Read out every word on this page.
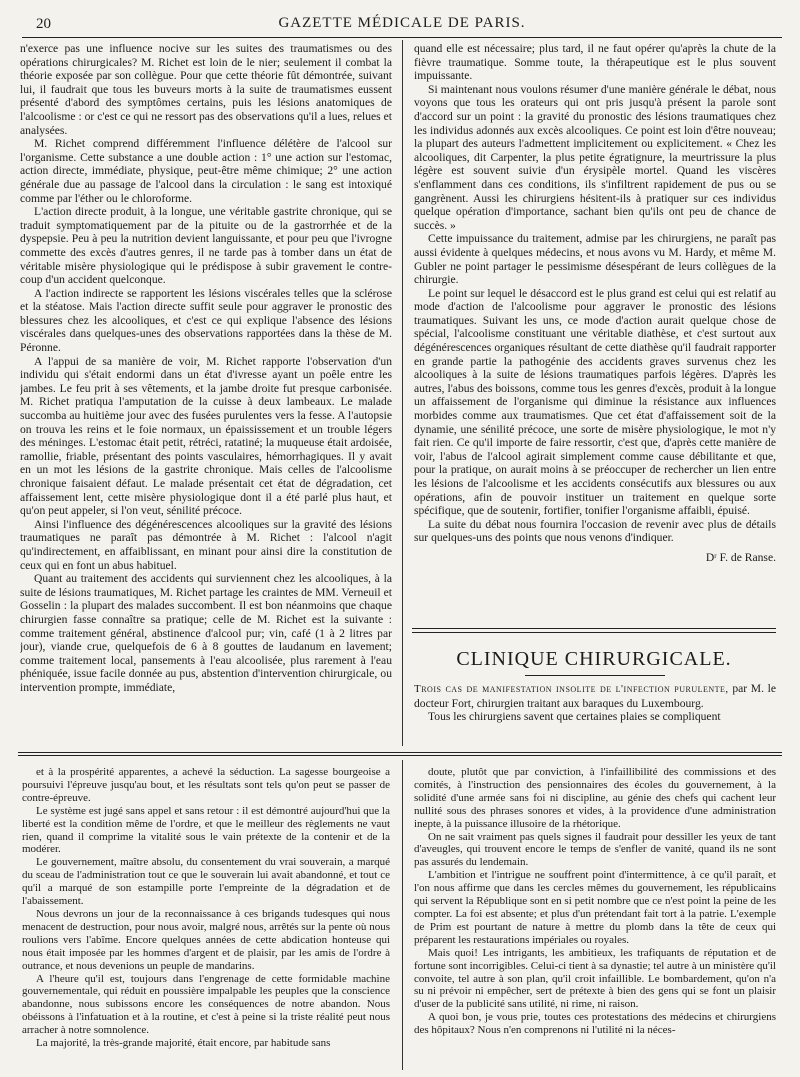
20	GAZETTE MÉDICALE DE PARIS.

n'exerce pas une influence nocive sur les suites des traumatismes ou des opérations chirurgicales? M. Richet est loin de le nier; seulement il combat la théorie exposée par son collègue. Pour que cette théorie fût démontrée, suivant lui, il faudrait que tous les buveurs morts à la suite de traumatismes eussent présenté d'abord des symptômes certains, puis les lésions anatomiques de l'alcoolisme : or c'est ce qui ne ressort pas des observations qu'il a lues, relues et analysées.

M. Richet comprend différemment l'influence délétère de l'alcool sur l'organisme. Cette substance a une double action : 1° une action sur l'estomac, action directe, immédiate, physique, peut-être même chimique; 2° une action générale due au passage de l'alcool dans la circulation : le sang est intoxiqué comme par l'éther ou le chloroforme.

L'action directe produit, à la longue, une véritable gastrite chronique, qui se traduit symptomatiquement par de la pituite ou de la gastrorrhée et de la dyspepsie. Peu à peu la nutrition devient languissante, et pour peu que l'ivrogne commette des excès d'autres genres, il ne tarde pas à tomber dans un état de véritable misère physiologique qui le prédispose à subir gravement le contre-coup d'un accident quelconque.

A l'action indirecte se rapportent les lésions viscérales telles que la sclérose et la stéatose. Mais l'action directe suffit seule pour aggraver le pronostic des blessures chez les alcooliques, et c'est ce qui explique l'absence des lésions viscérales dans quelques-unes des observations rapportées dans la thèse de M. Péronne.

A l'appui de sa manière de voir, M. Richet rapporte l'observation d'un individu qui s'était endormi dans un état d'ivresse ayant un poêle entre les jambes. Le feu prit à ses vêtements, et la jambe droite fut presque carbonisée. M. Richet pratiqua l'amputation de la cuisse à deux lambeaux. Le malade succomba au huitième jour avec des fusées purulentes vers la fesse. A l'autopsie on trouva les reins et le foie normaux, un épaississement et un trouble légers des méninges. L'estomac était petit, rétréci, ratatiné; la muqueuse était ardoisée, ramollie, friable, présentant des points vasculaires, hémorrhagiques. Il y avait en un mot les lésions de la gastrite chronique. Mais celles de l'alcoolisme chronique faisaient défaut. Le malade présentait cet état de dégradation, cet affaissement lent, cette misère physiologique dont il a été parlé plus haut, et qu'on peut appeler, si l'on veut, sénilité précoce.

Ainsi l'influence des dégénérescences alcooliques sur la gravité des lésions traumatiques ne paraît pas démontrée à M. Richet : l'alcool n'agit qu'indirectement, en affaiblissant, en minant pour ainsi dire la constitution de ceux qui en font un abus habituel.

Quant au traitement des accidents qui surviennent chez les alcooliques, à la suite de lésions traumatiques, M. Richet partage les craintes de MM. Verneuil et Gosselin : la plupart des malades succombent. Il est bon néanmoins que chaque chirurgien fasse connaître sa pratique; celle de M. Richet est la suivante : comme traitement général, abstinence d'alcool pur; vin, café (1 à 2 litres par jour), viande crue, quelquefois de 6 à 8 gouttes de laudanum en lavement; comme traitement local, pansements à l'eau alcoolisée, plus rarement à l'eau phéniquée, issue facile donnée au pus, abstention d'intervention chirurgicale, ou intervention prompte, immédiate,

quand elle est nécessaire; plus tard, il ne faut opérer qu'après la chute de la fièvre traumatique. Somme toute, la thérapeutique est le plus souvent impuissante.

Si maintenant nous voulons résumer d'une manière générale le débat, nous voyons que tous les orateurs qui ont pris jusqu'à présent la parole sont d'accord sur un point : la gravité du pronostic des lésions traumatiques chez les individus adonnés aux excès alcooliques. Ce point est loin d'être nouveau; la plupart des auteurs l'admettent implicitement ou explicitement. « Chez les alcooliques, dit Carpenter, la plus petite égratignure, la meurtrissure la plus légère est souvent suivie d'un érysipèle mortel. Quand les viscères s'enflamment dans ces conditions, ils s'infiltrent rapidement de pus ou se gangrènent. Aussi les chirurgiens hésitent-ils à pratiquer sur ces individus quelque opération d'importance, sachant bien qu'ils ont peu de chance de succès. »

Cette impuissance du traitement, admise par les chirurgiens, ne paraît pas aussi évidente à quelques médecins, et nous avons vu M. Hardy, et même M. Gubler ne point partager le pessimisme désespérant de leurs collègues de la chirurgie.

Le point sur lequel le désaccord est le plus grand est celui qui est relatif au mode d'action de l'alcoolisme pour aggraver le pronostic des lésions traumatiques. Suivant les uns, ce mode d'action aurait quelque chose de spécial, l'alcoolisme constituant une véritable diathèse, et c'est surtout aux dégénérescences organiques résultant de cette diathèse qu'il faudrait rapporter en grande partie la pathogénie des accidents graves survenus chez les alcooliques à la suite de lésions traumatiques parfois légères. D'après les autres, l'abus des boissons, comme tous les genres d'excès, produit à la longue un affaissement de l'organisme qui diminue la résistance aux influences morbides comme aux traumatismes. Que cet état d'affaissement soit de la dynamie, une sénilité précoce, une sorte de misère physiologique, le mot n'y fait rien. Ce qu'il importe de faire ressortir, c'est que, d'après cette manière de voir, l'abus de l'alcool agirait simplement comme cause débilitante et que, pour la pratique, on aurait moins à se préoccuper de rechercher un lien entre les lésions de l'alcoolisme et les accidents consécutifs aux blessures ou aux opérations, afin de pouvoir instituer un traitement en quelque sorte spécifique, que de soutenir, fortifier, tonifier l'organisme affaibli, épuisé.

La suite du débat nous fournira l'occasion de revenir avec plus de détails sur quelques-uns des points que nous venons d'indiquer.

Dʳ F. de Ranse.
CLINIQUE CHIRURGICALE.

Trois cas de manifestation insolite de l'infection purulente, par M. le docteur Fort, chirurgien traitant aux baraques du Luxembourg.

Tous les chirurgiens savent que certaines plaies se compliquent

et à la prospérité apparentes, a achevé la séduction. La sagesse bourgeoise a poursuivi l'épreuve jusqu'au bout, et les résultats sont tels qu'on peut se passer de contre-épreuve.

Le système est jugé sans appel et sans retour : il est démontré aujourd'hui que la liberté est la condition même de l'ordre, et que le meilleur des règlements ne vaut rien, quand il comprime la vitalité sous le vain prétexte de la contenir et de la modérer.

Le gouvernement, maître absolu, du consentement du vrai souverain, a marqué du sceau de l'administration tout ce que le souverain lui avait abandonné, et tout ce qu'il a marqué de son estampille porte l'empreinte de la dégradation et de l'abaissement.

Nous devrons un jour de la reconnaissance à ces brigands tudesques qui nous menacent de destruction, pour nous avoir, malgré nous, arrêtés sur la pente où nous roulions vers l'abîme. Encore quelques années de cette abdication honteuse qui nous était imposée par les hommes d'argent et de plaisir, par les amis de l'ordre à outrance, et nous devenions un peuple de mandarins.

A l'heure qu'il est, toujours dans l'engrenage de cette formidable machine gouvernementale, qui réduit en poussière impalpable les peuples que la conscience abandonne, nous subissons encore les conséquences de notre abandon. Nous obéissons à l'infatuation et à la routine, et c'est à peine si la triste réalité peut nous arracher à notre somnolence.

La majorité, la très-grande majorité, était encore, par habitude sans

doute, plutôt que par conviction, à l'infaillibilité des commissions et des comités, à l'instruction des pensionnaires des écoles du gouvernement, à la solidité d'une armée sans foi ni discipline, au génie des chefs qui cachent leur nullité sous des phrases sonores et vides, à la providence d'une administration inepte, à la puissance illusoire de la rhétorique.

On ne sait vraiment pas quels signes il faudrait pour dessiller les yeux de tant d'aveugles, qui trouvent encore le temps de s'enfler de vanité, quand ils ne sont pas assurés du lendemain.

L'ambition et l'intrigue ne souffrent point d'intermittence, à ce qu'il paraît, et l'on nous affirme que dans les cercles mêmes du gouvernement, les républicains qui servent la République sont en si petit nombre que ce n'est point la peine de les compter. La foi est absente; et plus d'un prétendant fait tort à la patrie. L'exemple de Prim est pourtant de nature à mettre du plomb dans la tête de ceux qui préparent les restaurations impériales ou royales.

Mais quoi! Les intrigants, les ambitieux, les trafiquants de réputation et de fortune sont incorrigibles. Celui-ci tient à sa dynastie; tel autre à un ministère qu'il convoite, tel autre à son plan, qu'il croit infaillible. Le bombardement, qu'on n'a su ni prévoir ni empêcher, sert de prétexte à bien des gens qui se font un plaisir d'user de la publicité sans utilité, ni rime, ni raison.

A quoi bon, je vous prie, toutes ces protestations des médecins et chirurgiens des hôpitaux? Nous n'en comprenons ni l'utilité ni la néces-
